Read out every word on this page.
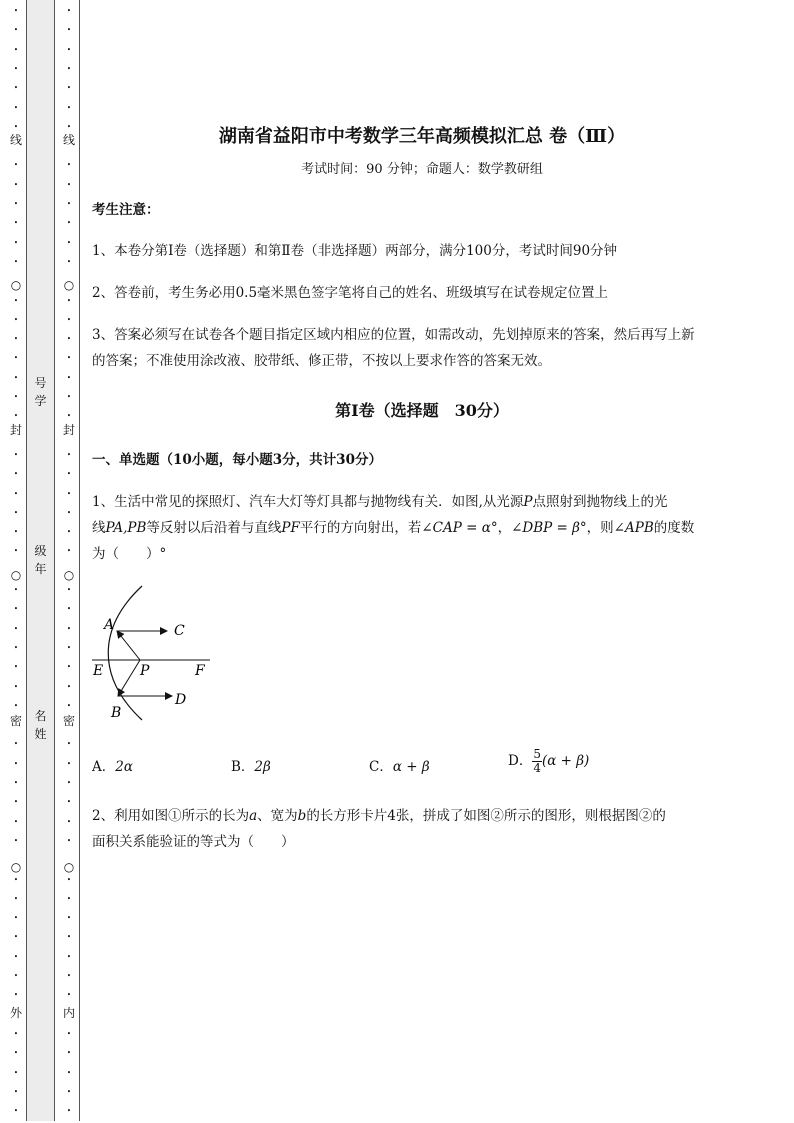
•
•
•
•
•
•
•
•
•
•
•
•
•
•
•
•
•
•
•
•
•
•
•
•
•
•
•
•
•
•
•
•
•
•
•
•
•
•
•
•
•
•
•
•
•
•
•
•
•
•
•
线
○
封
○
密
○
外
号学
级年
名姓
•
•
•
•
•
•
•
•
•
•
•
•
•
•
•
•
•
•
•
•
•
•
•
•
•
•
•
•
•
•
•
•
•
•
•
•
•
•
•
•
•
•
•
•
•
•
•
•
•
•
•
线
○
封
○
密
○
内
湖南省益阳市中考数学三年高频模拟汇总 卷（Ⅲ）
考试时间：90 分钟；命题人：数学教研组
考生注意：
1、本卷分第Ⅰ卷（选择题）和第Ⅱ卷（非选择题）两部分，满分100分，考试时间90分钟
2、答卷前，考生务必用0.5毫米黑色签字笔将自己的姓名、班级填写在试卷规定位置上
3、答案必须写在试卷各个题目指定区域内相应的位置，如需改动，先划掉原来的答案，然后再写上新
的答案；不准使用涂改液、胶带纸、修正带，不按以上要求作答的答案无效。
第Ⅰ卷（选择题　30分）
一、单选题（10小题，每小题3分，共计30分）
1、生活中常见的探照灯、汽车大灯等灯具都与抛物线有关．如图,从光源P点照射到抛物线上的光
线PA,PB等反射以后沿着与直线PF平行的方向射出，若∠CAP = α°，∠DBP = β°，则∠APB的度数
为（　　）°
A	C
E	P	F
D
B
A．2α	B．2β	C．α + β	D． $\frac{5}{4} (\alpha + \beta)$
2、利用如图①所示的长为a、宽为b的长方形卡片4张，拼成了如图②所示的图形，则根据图②的
面积关系能验证的等式为（　　）
